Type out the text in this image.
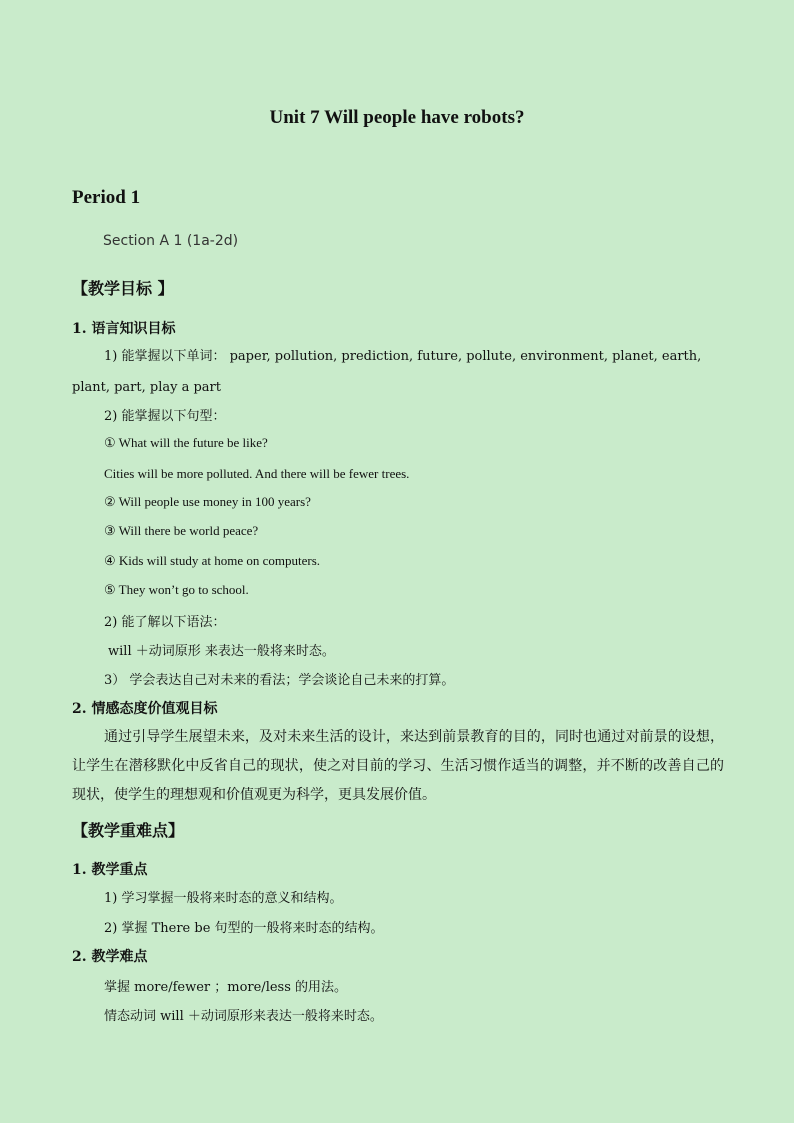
Unit 7 Will people have robots?
Period 1
Section A 1 (1a-2d)
【教学目标 】
1. 语言知识目标
1) 能掌握以下单词： paper, pollution, prediction, future, pollute, environment, planet, earth, plant, part, play a part
2) 能掌握以下句型：
① What will the future be like?
Cities will be more polluted. And there will be fewer trees.
② Will people use money in 100 years?
③ Will there be world peace?
④ Kids will study at home on computers.
⑤ They won’t go to school.
2) 能了解以下语法：
will ＋动词原形 来表达一般将来时态。
3） 学会表达自己对未来的看法；学会谈论自己未来的打算。
2. 情感态度价值观目标
通过引导学生展望未来，及对未来生活的设计，来达到前景教育的目的，同时也通过对前景的设想，让学生在潜移默化中反省自己的现状，使之对目前的学习、生活习惯作适当的调整，并不断的改善自己的现状，使学生的理想观和价值观更为科学，更具发展价值。
【教学重难点】
1. 教学重点
1) 学习掌握一般将来时态的意义和结构。
2) 掌握 There be 句型的一般将来时态的结构。
2. 教学难点
掌握 more/fewer ；more/less 的用法。
情态动词 will ＋动词原形来表达一般将来时态。
